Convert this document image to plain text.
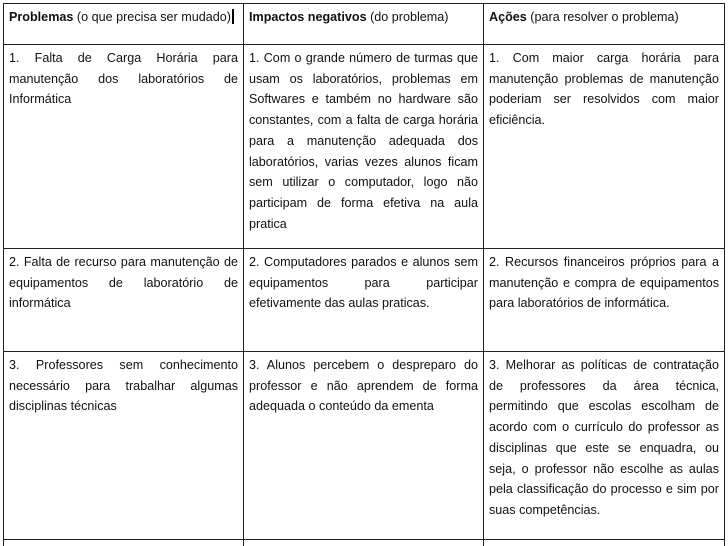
Problemas (o que precisa ser mudado)	Impactos negativos (do problema)	Ações (para resolver o problema)
1. Falta de Carga Horária para manutenção dos laboratórios de Informática	1. Com o grande número de turmas que usam os laboratórios, problemas em Softwares e também no hardware são constantes, com a falta de carga horária para a manutenção adequada dos laboratórios, varias vezes alunos ficam sem utilizar o computador, logo não participam de forma efetiva na aula pratica	1. Com maior carga horária para manutenção problemas de manutenção poderiam ser resolvidos com maior eficiência.
2. Falta de recurso para manutenção de equipamentos de laboratório de informática	2. Computadores parados e alunos sem equipamentos para participar efetivamente das aulas praticas.	2. Recursos financeiros próprios para a manutenção e compra de equipamentos para laboratórios de informática.
3. Professores sem conhecimento necessário para trabalhar algumas disciplinas técnicas	3. Alunos percebem o despreparo do professor e não aprendem de forma adequada o conteúdo da ementa	3. Melhorar as políticas de contratação de professores da área técnica, permitindo que escolas escolham de acordo com o currículo do professor as disciplinas que este se enquadra, ou seja, o professor não escolhe as aulas pela classificação do processo e sim por suas competências.
